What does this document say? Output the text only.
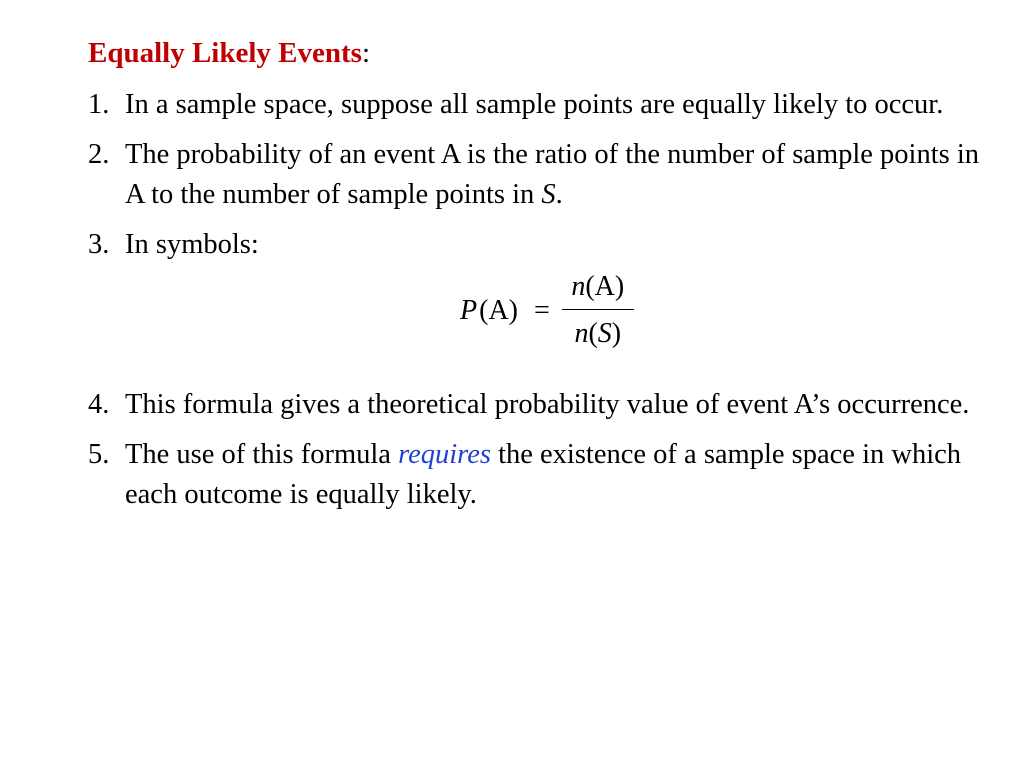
Equally Likely Events:
1. In a sample space, suppose all sample points are equally likely to occur.
2. The probability of an event A is the ratio of the number of sample points in A to the number of sample points in S.
3. In symbols:
P ( A ) = $\frac{n(A)}{n(S)}$
4. This formula gives a theoretical probability value of event A’s occurrence.
5. The use of this formula requires the existence of a sample space in which each outcome is equally likely.
